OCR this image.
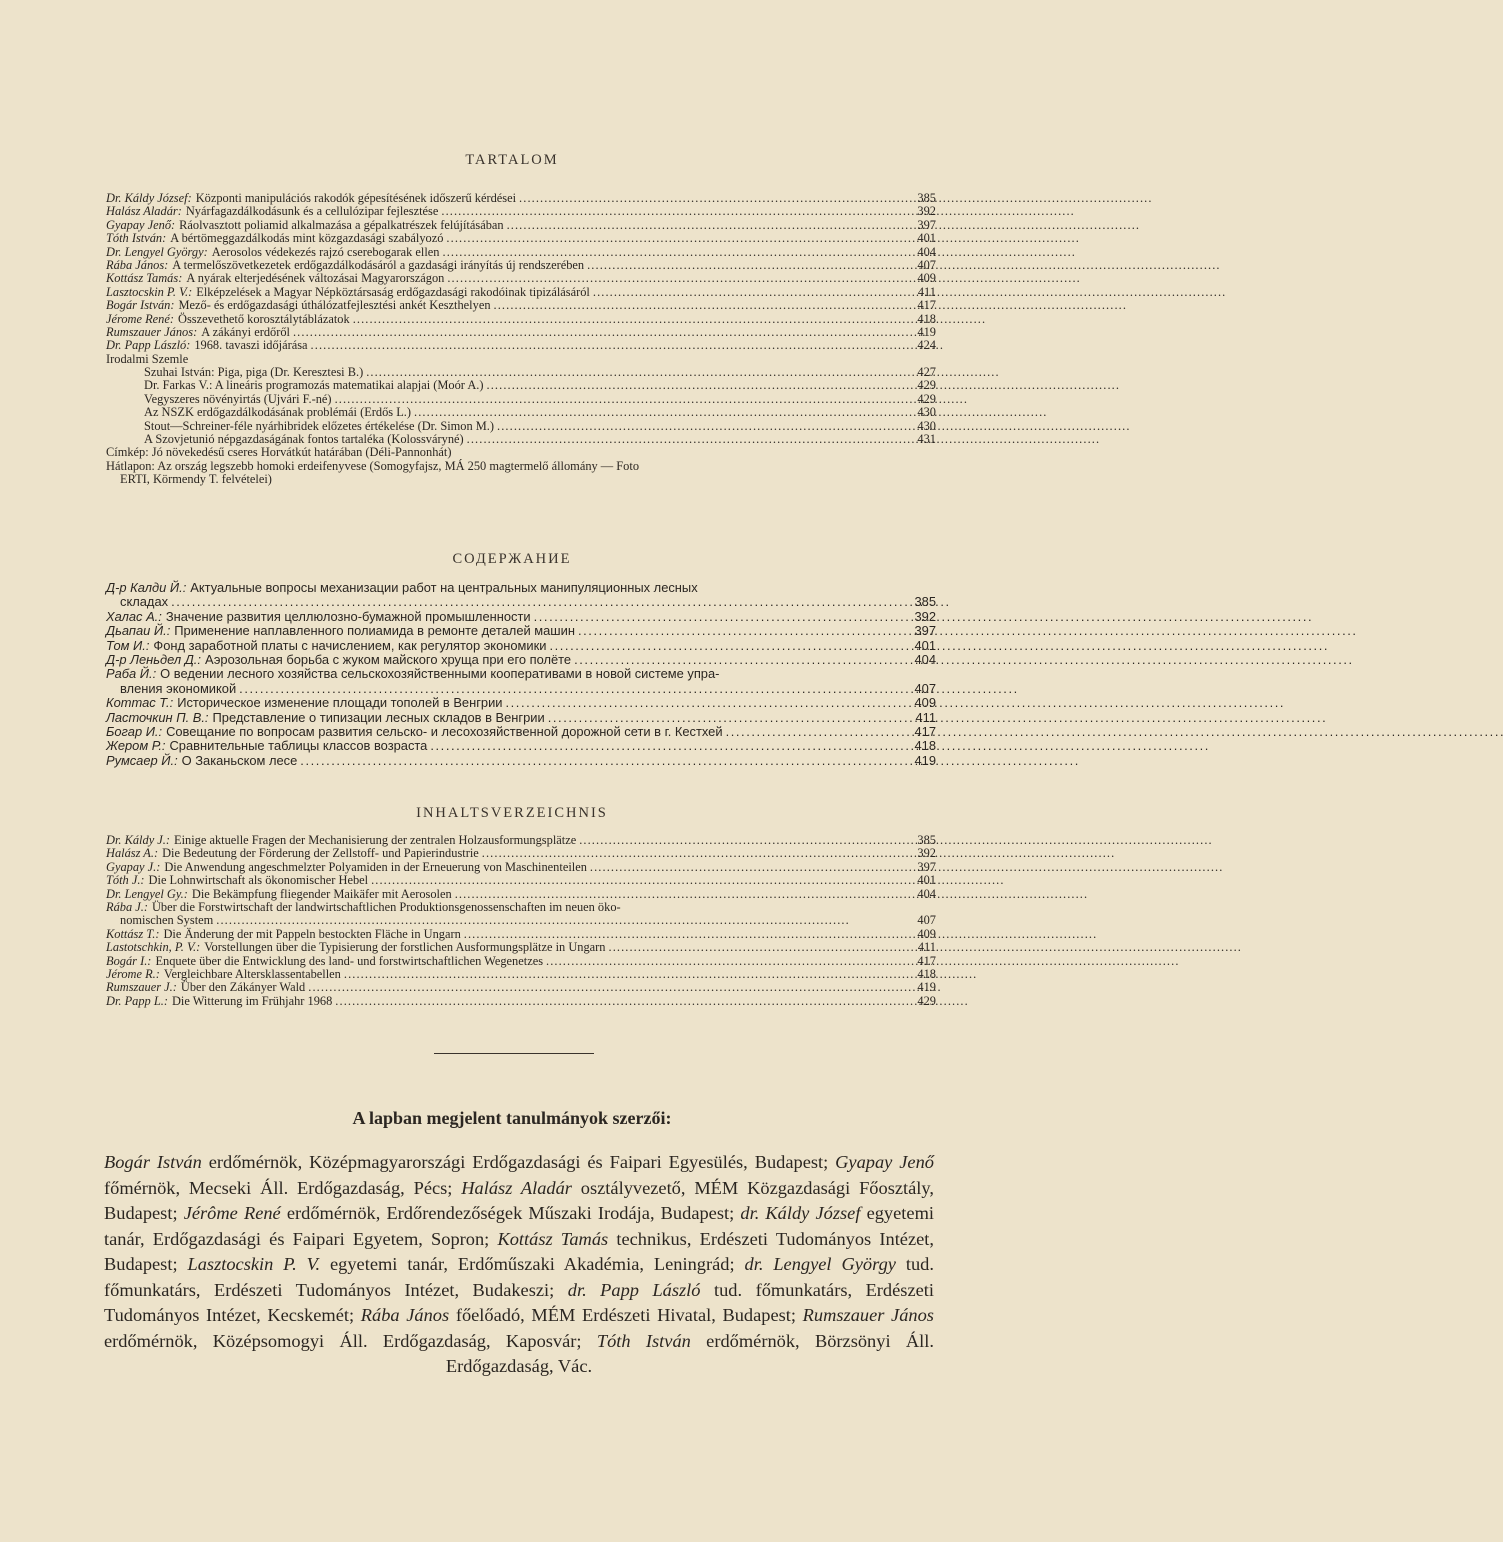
TARTALOM
Dr. Káldy József: Központi manipulációs rakodók gépesítésének időszerű kérdései . . .	385
Halász Aladár: Nyárfagazdálkodásunk és a cellulózipar fejlesztése . . .	392
Gyapay Jenő: Ráolvasztott poliamid alkalmazása a gépalkatrészek felújításában . . .	397
Tóth István: A bértömeggazdálkodás mint közgazdasági szabályozó . . .	401
Dr. Lengyel György: Aerosolos védekezés rajzó cserebogarak ellen . . .	404
Rába János: A termelőszövetkezetek erdőgazdálkodásáról a gazdasági irányítás új rendszerében . . .	407
Kottász Tamás: A nyárak elterjedésének változásai Magyarországon . . .	409
Lasztocskin P. V.: Elképzelések a Magyar Népköztársaság erdőgazdasági rakodóinak tipizálásáról . . .	411
Bogár István: Mező- és erdőgazdasági úthálózatfejlesztési ankét Keszthelyen . . .	417
Jérome René: Összevethető korosztálytáblázatok . . .	418
Rumszauer János: A zákányi erdőről . . .	419
Dr. Papp László: 1968. tavaszi időjárása . . .	424
Irodalmi Szemle
Szuhai István: Piga, piga (Dr. Keresztesi B.) . . .	427
Dr. Farkas V.: A lineáris programozás matematikai alapjai (Moór A.) . . .	429
Vegyszeres növényirtás (Ujvári F.-né) . . .	429
Az NSZK erdőgazdálkodásának problémái (Erdős L.) . . .	430
Stout—Schreiner-féle nyárhibridek előzetes értékelése (Dr. Simon M.) . . .	430
A Szovjetunió népgazdaságának fontos tartaléka (Kolossváryné) . . .	431
Címkép: Jó növekedésű cseres Horvátkút határában (Déli-Pannonhát)
Hátlapon: Az ország legszebb homoki erdeifenyvese (Somogyfajsz, MÁ 250 magtermelő állomány — Foto
ERTI, Körmendy T. felvételei)
СОДЕРЖАНИЕ
Д-р Калди Й.: Актуальные вопросы механизации работ на центральных манипуляционных лесных
складах . . .	385
Халас А.: Значение развития целлюлозно-бумажной промышленности . . .	392
Дьапаи Й.: Применение наплавленного полиамида в ремонте деталей машин . . .	397
Том И.: Фонд заработной платы с начислением, как регулятор экономики . . .	401
Д-р Леньдел Д.: Аэрозольная борьба с жуком майского хруща при его полёте . . .	404
Раба Й.: О ведении лесного хозяйства сельскохозяйственными кооперативами в новой системе упра-
вления экономикой . . .	407
Коттас Т.: Историческое изменение площади тополей в Венгрии . . .	409
Ласточкин П. В.: Представление о типизации лесных складов в Венгрии . . .	411
Богар И.: Совещание по вопросам развития сельско- и лесохозяйственной дорожной сети в г. Кестхей . . .	417
Жером Р.: Сравнительные таблицы классов возраста . . .	418
Румсаер Й.: О Заканьском лесе . . .	419
INHALTSVERZEICHNIS
Dr. Káldy J.: Einige aktuelle Fragen der Mechanisierung der zentralen Holzausformungsplätze . . .	385
Halász A.: Die Bedeutung der Förderung der Zellstoff- und Papierindustrie . . .	392
Gyapay J.: Die Anwendung angeschmelzter Polyamiden in der Erneuerung von Maschinenteilen . . .	397
Tóth J.: Die Lohnwirtschaft als ökonomischer Hebel . . .	401
Dr. Lengyel Gy.: Die Bekämpfung fliegender Maikäfer mit Aerosolen . . .	404
Rába J.: Über die Forstwirtschaft der landwirtschaftlichen Produktionsgenossenschaften im neuen öko-
nomischen System . . .	407
Kottász T.: Die Änderung der mit Pappeln bestockten Fläche in Ungarn . . .	409
Lastotschkin, P. V.: Vorstellungen über die Typisierung der forstlichen Ausformungsplätze in Ungarn . . .	411
Bogár I.: Enquete über die Entwicklung des land- und forstwirtschaftlichen Wegenetzes . . .	417
Jérome R.: Vergleichbare Altersklassentabellen . . .	418
Rumszauer J.: Über den Zákányer Wald . . .	419
Dr. Papp L.: Die Witterung im Frühjahr 1968 . . .	429
A lapban megjelent tanulmányok szerzői:
Bogár István erdőmérnök, Középmagyarországi Erdőgazdasági és Faipari Egyesülés, Budapest; Gyapay Jenő főmérnök, Mecseki Áll. Erdőgazdaság, Pécs; Halász Aladár osztályvezető, MÉM Közgazdasági Főosztály, Budapest; Jérôme René erdőmérnök, Erdőrendezőségek Műszaki Irodája, Budapest; dr. Káldy József egyetemi tanár, Erdőgazdasági és Faipari Egyetem, Sopron; Kottász Tamás technikus, Erdészeti Tudományos Intézet, Budapest; Lasztocskin P. V. egyetemi tanár, Erdőműszaki Akadémia, Leningrád; dr. Lengyel György tud. főmunkatárs, Erdészeti Tudományos Intézet, Budakeszi; dr. Papp László tud. főmunkatárs, Erdészeti Tudományos Intézet, Kecskemét; Rába János főelőadó, MÉM Erdészeti Hivatal, Budapest; Rumszauer János erdőmérnök, Középsomogyi Áll. Erdőgazdaság, Kaposvár; Tóth István erdőmérnök, Börzsönyi Áll. Erdőgazdaság, Vác.
